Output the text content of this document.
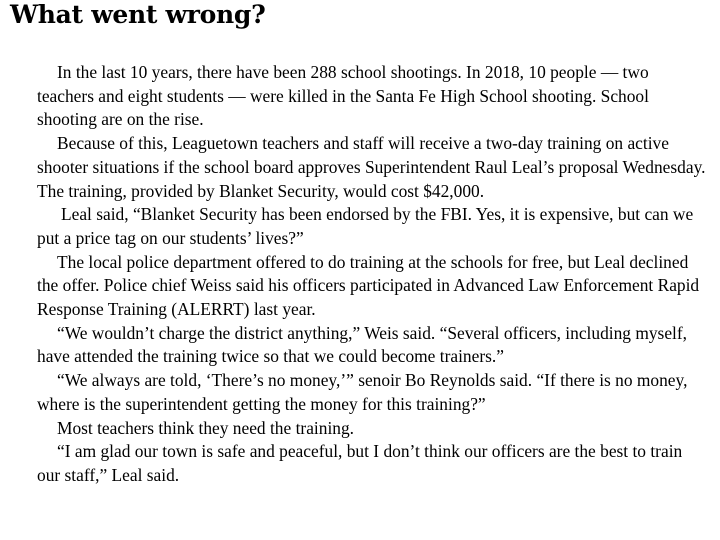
What went wrong?

In the last 10 years, there have been 288 school shootings. In 2018, 10 people — two teachers and eight students — were killed in the Santa Fe High School shooting. School shooting are on the rise.

Because of this, Leaguetown teachers and staff will receive a two-day training on active shooter situations if the school board approves Superintendent Raul Leal’s proposal Wednesday. The training, provided by Blanket Security, would cost $42,000.

Leal said, “Blanket Security has been endorsed by the FBI. Yes, it is expensive, but can we put a price tag on our students’ lives?”

The local police department offered to do training at the schools for free, but Leal declined the offer. Police chief Weiss said his officers participated in Advanced Law Enforcement Rapid Response Training (ALERRT) last year.

“We wouldn’t charge the district anything,” Weis said. “Several officers, including myself, have attended the training twice so that we could become trainers.”

“We always are told, ‘There’s no money,’” senoir Bo Reynolds said. “If there is no money, where is the superintendent getting the money for this training?”

Most teachers think they need the training.

“I am glad our town is safe and peaceful, but I don’t think our officers are the best to train our staff,” Leal said.
